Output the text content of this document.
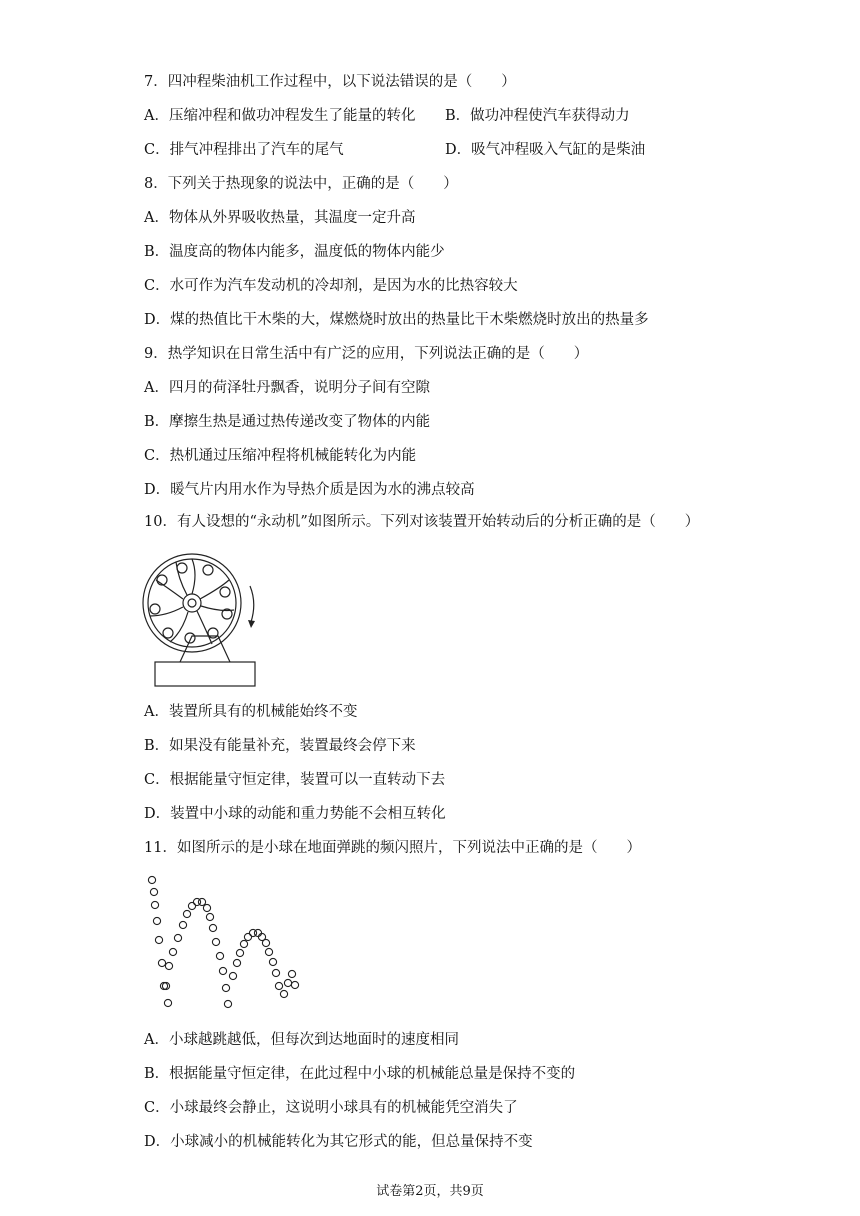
7．四冲程柴油机工作过程中，以下说法错误的是（　　）
A．压缩冲程和做功冲程发生了能量的转化 B．做功冲程使汽车获得动力
C．排气冲程排出了汽车的尾气	D．吸气冲程吸入气缸的是柴油
8．下列关于热现象的说法中，正确的是（　　）
A．物体从外界吸收热量，其温度一定升高
B．温度高的物体内能多，温度低的物体内能少
C．水可作为汽车发动机的冷却剂，是因为水的比热容较大
D．煤的热值比干木柴的大，煤燃烧时放出的热量比干木柴燃烧时放出的热量多
9．热学知识在日常生活中有广泛的应用，下列说法正确的是（　　）
A．四月的荷泽牡丹飘香，说明分子间有空隙
B．摩擦生热是通过热传递改变了物体的内能
C．热机通过压缩冲程将机械能转化为内能
D．暖气片内用水作为导热介质是因为水的沸点较高
10．有人设想的“永动机”如图所示。下列对该装置开始转动后的分析正确的是（　　）
A．装置所具有的机械能始终不变
B．如果没有能量补充，装置最终会停下来
C．根据能量守恒定律，装置可以一直转动下去
D．装置中小球的动能和重力势能不会相互转化
11．如图所示的是小球在地面弹跳的频闪照片，下列说法中正确的是（　　）
A．小球越跳越低，但每次到达地面时的速度相同
B．根据能量守恒定律，在此过程中小球的机械能总量是保持不变的
C．小球最终会静止，这说明小球具有的机械能凭空消失了
D．小球减小的机械能转化为其它形式的能，但总量保持不变
试卷第2页，共9页
